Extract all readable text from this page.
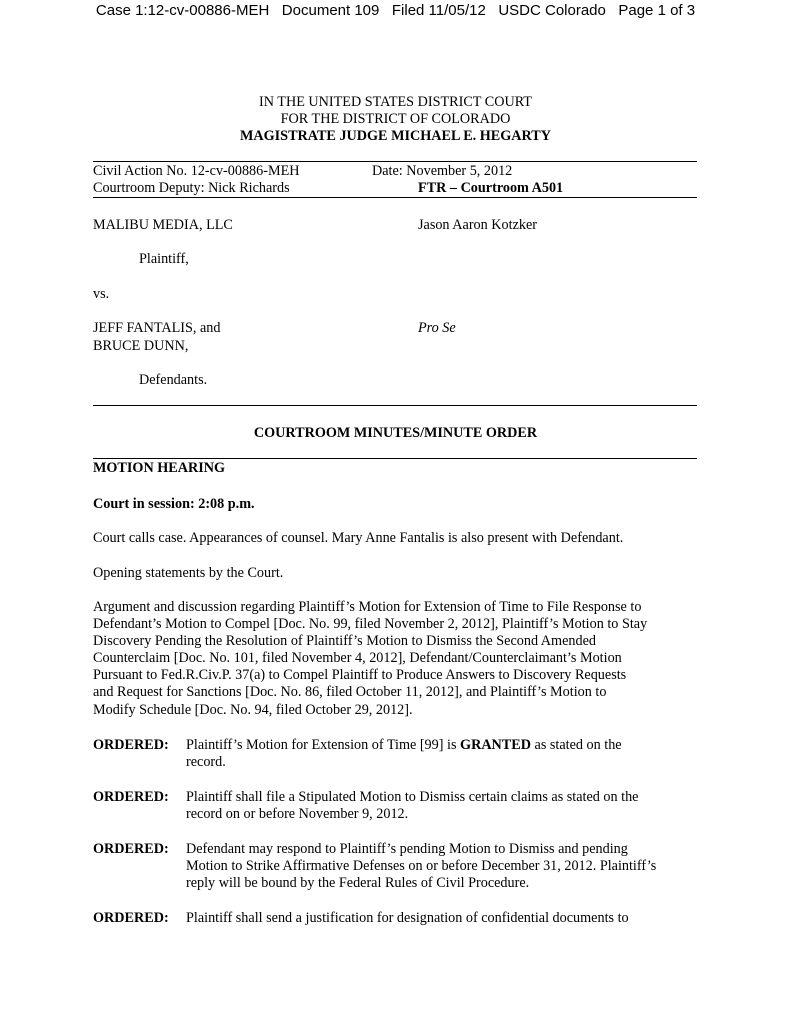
Case 1:12-cv-00886-MEH   Document 109   Filed 11/05/12   USDC Colorado   Page 1 of 3
IN THE UNITED STATES DISTRICT COURT
FOR THE DISTRICT OF COLORADO
MAGISTRATE JUDGE MICHAEL E. HEGARTY
Civil Action No. 12-cv-00886-MEH	Date: November 5, 2012
Courtroom Deputy: Nick Richards	FTR – Courtroom A501
MALIBU MEDIA, LLC	Jason Aaron Kotzker
Plaintiff,
vs.
JEFF FANTALIS, and	Pro Se
BRUCE DUNN,
Defendants.
COURTROOM MINUTES/MINUTE ORDER
MOTION HEARING
Court in session: 2:08 p.m.
Court calls case. Appearances of counsel. Mary Anne Fantalis is also present with Defendant.
Opening statements by the Court.
Argument and discussion regarding Plaintiff’s Motion for Extension of Time to File Response to
Defendant’s Motion to Compel [Doc. No. 99, filed November 2, 2012], Plaintiff’s Motion to Stay
Discovery Pending the Resolution of Plaintiff’s Motion to Dismiss the Second Amended
Counterclaim [Doc. No. 101, filed November 4, 2012], Defendant/Counterclaimant’s Motion
Pursuant to Fed.R.Civ.P. 37(a) to Compel Plaintiff to Produce Answers to Discovery Requests
and Request for Sanctions [Doc. No. 86, filed October 11, 2012], and Plaintiff’s Motion to
Modify Schedule [Doc. No. 94, filed October 29, 2012].
ORDERED: Plaintiff’s Motion for Extension of Time [99] is GRANTED as stated on the
record.
ORDERED: Plaintiff shall file a Stipulated Motion to Dismiss certain claims as stated on the
record on or before November 9, 2012.
ORDERED: Defendant may respond to Plaintiff’s pending Motion to Dismiss and pending
Motion to Strike Affirmative Defenses on or before December 31, 2012. Plaintiff’s
reply will be bound by the Federal Rules of Civil Procedure.
ORDERED: Plaintiff shall send a justification for designation of confidential documents to
